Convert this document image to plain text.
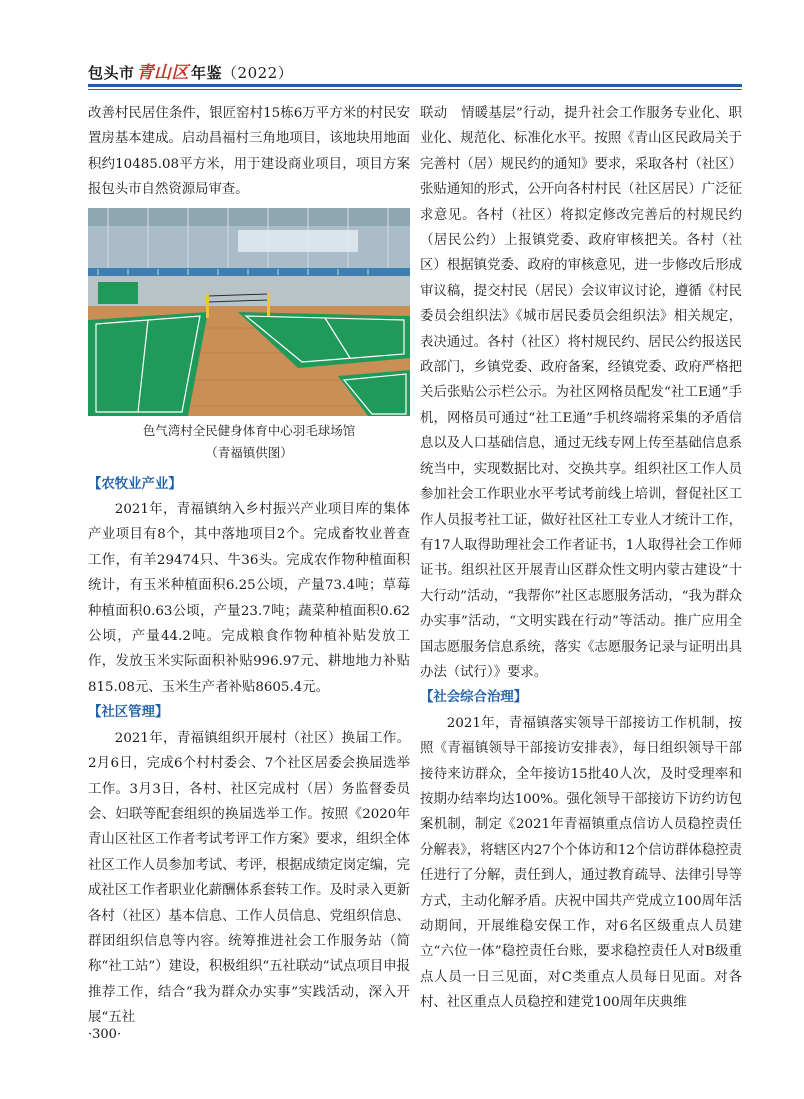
包头市 青山区 年鉴（2022）

改善村民居住条件，银匠窑村15栋6万平方米的村民安置房基本建成。启动昌福村三角地项目，该地块用地面积约10485.08平方米，用于建设商业项目，项目方案报包头市自然资源局审查。

色气湾村全民健身体育中心羽毛球场馆
（青福镇供图）

【农牧业产业】

2021年，青福镇纳入乡村振兴产业项目库的集体产业项目有8个，其中落地项目2个。完成畜牧业普查工作，有羊29474只、牛36头。完成农作物种植面积统计，有玉米种植面积6.25公顷，产量73.4吨；草莓种植面积0.63公顷，产量23.7吨；蔬菜种植面积0.62公顷，产量44.2吨。完成粮食作物种植补贴发放工作，发放玉米实际面积补贴996.97元、耕地地力补贴815.08元、玉米生产者补贴8605.4元。

【社区管理】

2021年，青福镇组织开展村（社区）换届工作。2月6日，完成6个村村委会、7个社区居委会换届选举工作。3月3日，各村、社区完成村（居）务监督委员会、妇联等配套组织的换届选举工作。按照《2020年青山区社区工作者考试考评工作方案》要求，组织全体社区工作人员参加考试、考评，根据成绩定岗定编，完成社区工作者职业化薪酬体系套转工作。及时录入更新各村（社区）基本信息、工作人员信息、党组织信息、群团组织信息等内容。统筹推进社会工作服务站（简称“社工站”）建设，积极组织“五社联动”试点项目申报推荐工作，结合“我为群众办实事”实践活动，深入开展“五社

联动　情暖基层”行动，提升社会工作服务专业化、职业化、规范化、标准化水平。按照《青山区民政局关于完善村（居）规民约的通知》要求，采取各村（社区）张贴通知的形式，公开向各村村民（社区居民）广泛征求意见。各村（社区）将拟定修改完善后的村规民约（居民公约）上报镇党委、政府审核把关。各村（社区）根据镇党委、政府的审核意见，进一步修改后形成审议稿，提交村民（居民）会议审议讨论，遵循《村民委员会组织法》《城市居民委员会组织法》相关规定，表决通过。各村（社区）将村规民约、居民公约报送民政部门，乡镇党委、政府备案，经镇党委、政府严格把关后张贴公示栏公示。为社区网格员配发“社工E通”手机，网格员可通过“社工E通”手机终端将采集的矛盾信息以及人口基础信息，通过无线专网上传至基础信息系统当中，实现数据比对、交换共享。组织社区工作人员参加社会工作职业水平考试考前线上培训，督促社区工作人员报考社工证，做好社区社工专业人才统计工作，有17人取得助理社会工作者证书，1人取得社会工作师证书。组织社区开展青山区群众性文明内蒙古建设“十大行动”活动，“我帮你”社区志愿服务活动，“我为群众办实事”活动，“文明实践在行动”等活动。推广应用全国志愿服务信息系统，落实《志愿服务记录与证明出具办法（试行）》要求。

【社会综合治理】

2021年，青福镇落实领导干部接访工作机制，按照《青福镇领导干部接访安排表》，每日组织领导干部接待来访群众，全年接访15批40人次，及时受理率和按期办结率均达100%。强化领导干部接访下访约访包案机制，制定《2021年青福镇重点信访人员稳控责任分解表》，将辖区内27个个体访和12个信访群体稳控责任进行了分解，责任到人，通过教育疏导、法律引导等方式，主动化解矛盾。庆祝中国共产党成立100周年活动期间，开展维稳安保工作，对6名区级重点人员建立“六位一体”稳控责任台账，要求稳控责任人对B级重点人员一日三见面，对C类重点人员每日见面。对各村、社区重点人员稳控和建党100周年庆典维

·300·
